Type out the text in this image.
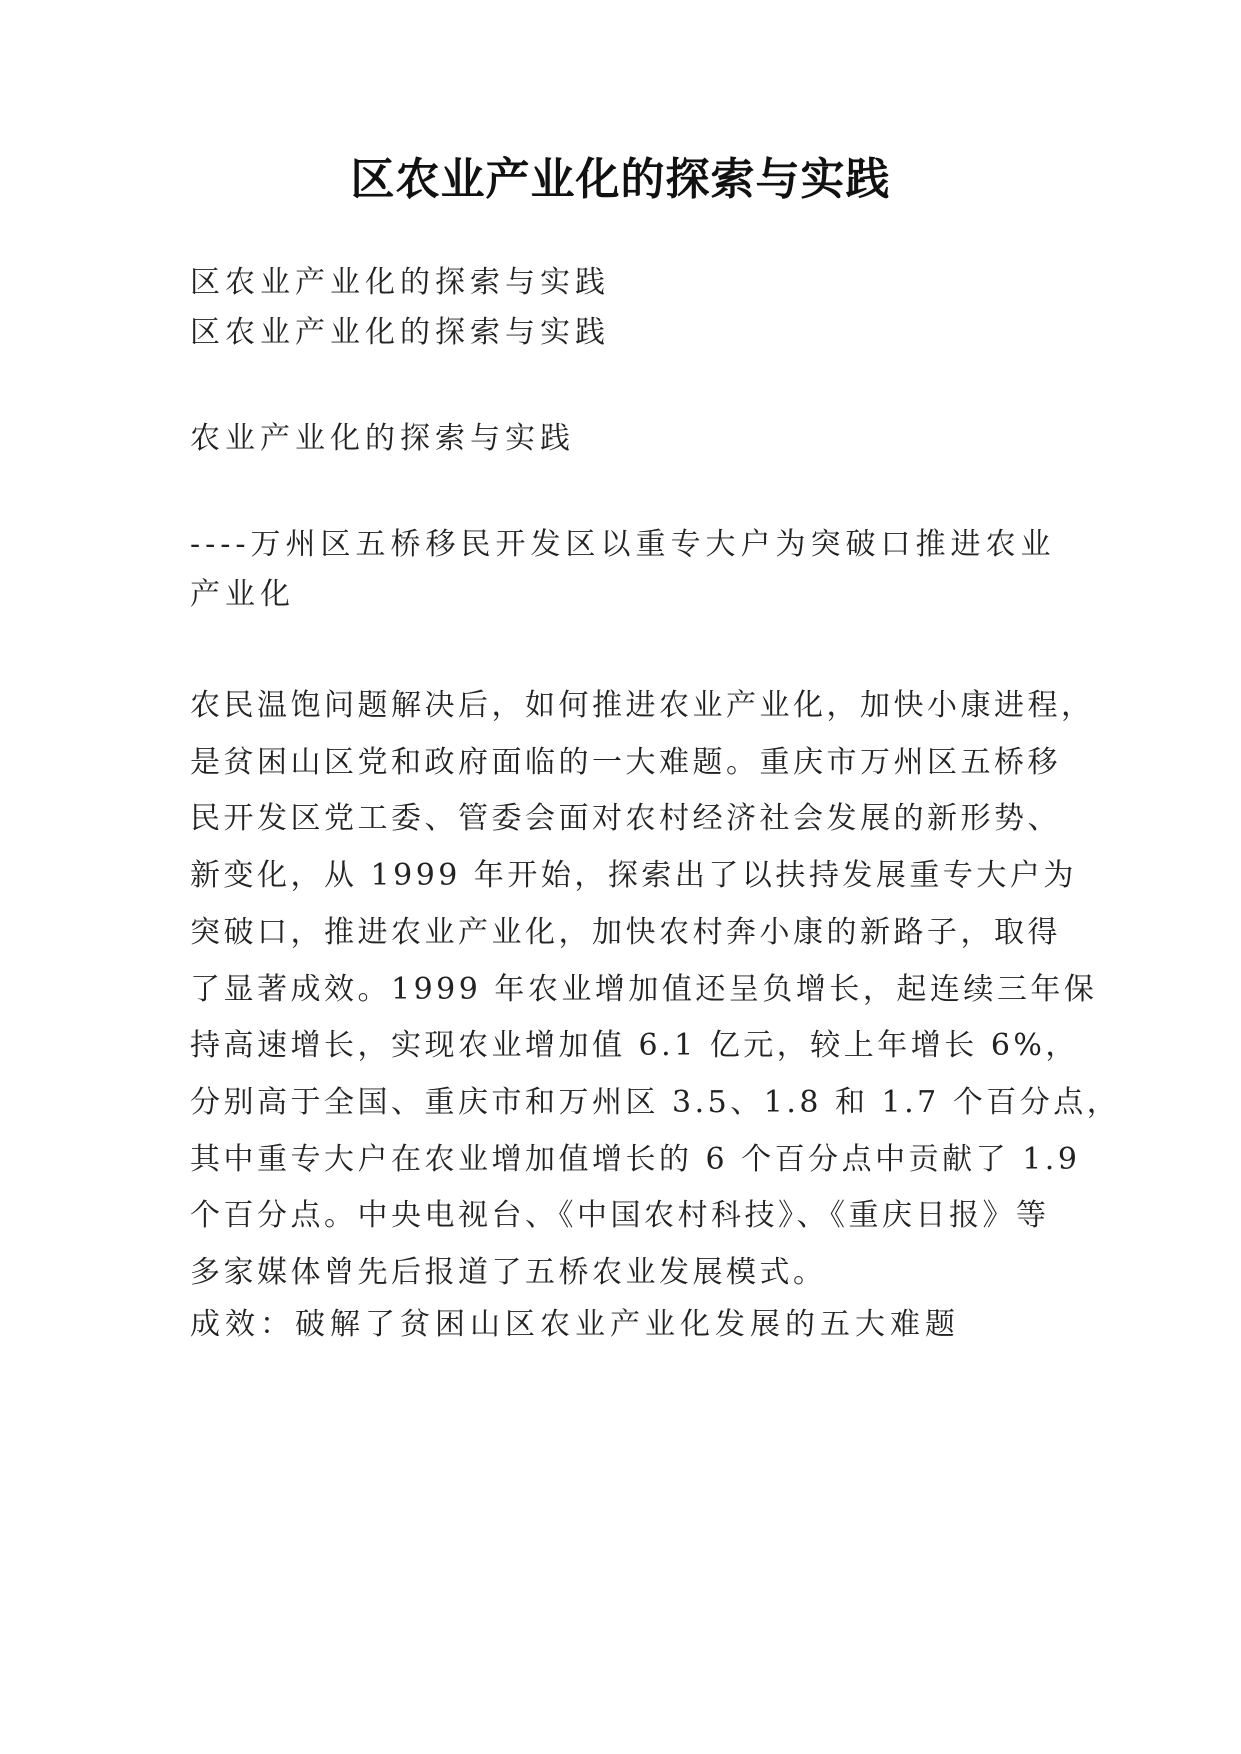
区农业产业化的探索与实践
区农业产业化的探索与实践
区农业产业化的探索与实践
农业产业化的探索与实践
----万州区五桥移民开发区以重专大户为突破口推进农业
产业化
农民温饱问题解决后，如何推进农业产业化，加快小康进程，
是贫困山区党和政府面临的一大难题。重庆市万州区五桥移
民开发区党工委、管委会面对农村经济社会发展的新形势、
新变化，从 1999 年开始，探索出了以扶持发展重专大户为
突破口，推进农业产业化，加快农村奔小康的新路子，取得
了显著成效。1999 年农业增加值还呈负增长，起连续三年保
持高速增长，实现农业增加值 6.1 亿元，较上年增长 6%，
分别高于全国、重庆市和万州区 3.5、1.8 和 1.7 个百分点，
其中重专大户在农业增加值增长的 6 个百分点中贡献了 1.9
个百分点。中央电视台、《中国农村科技》、《重庆日报》等
多家媒体曾先后报道了五桥农业发展模式。
成效：破解了贫困山区农业产业化发展的五大难题
